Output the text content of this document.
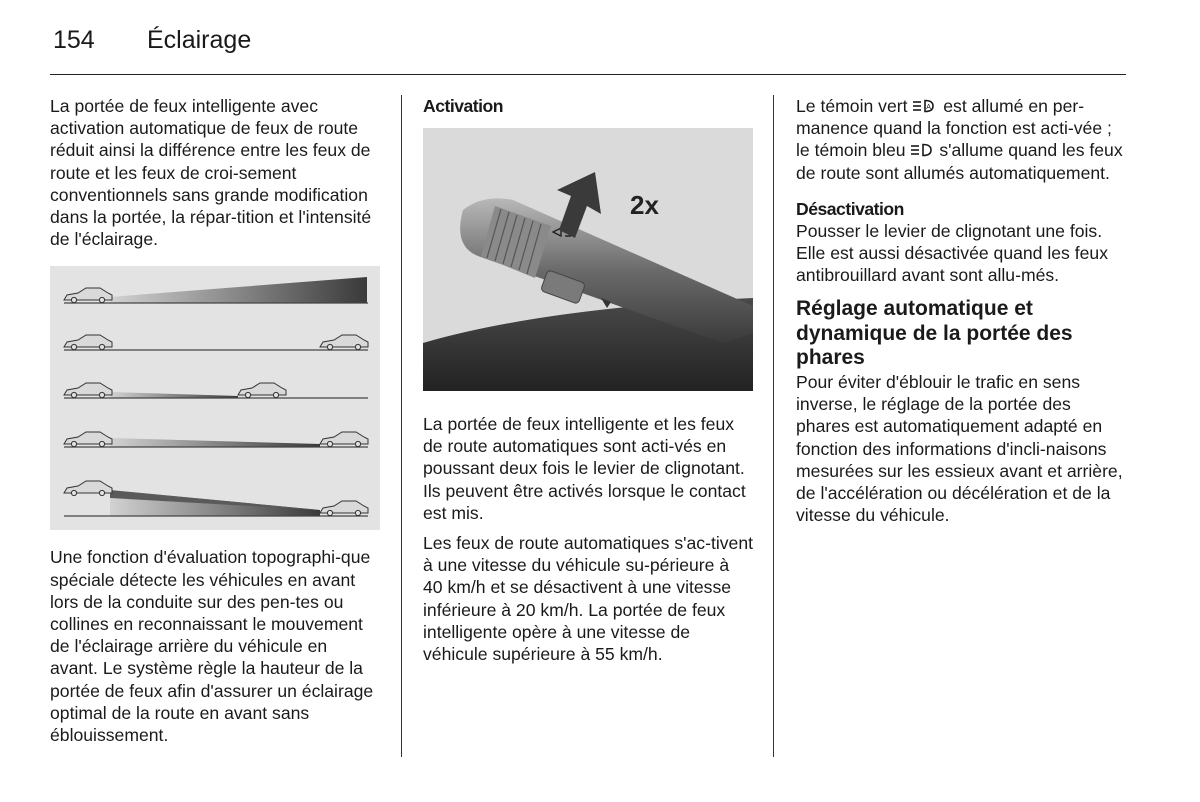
154 Éclairage

La portée de feux intelligente avec activation automatique de feux de route réduit ainsi la différence entre les feux de route et les feux de croi-sement conventionnels sans grande modification dans la portée, la répar-tition et l'intensité de l'éclairage.

Une fonction d'évaluation topographi-que spéciale détecte les véhicules en avant lors de la conduite sur des pen-tes ou collines en reconnaissant le mouvement de l'éclairage arrière du véhicule en avant. Le système règle la hauteur de la portée de feux afin d'assurer un éclairage optimal de la route en avant sans éblouissement.

Activation
2x

La portée de feux intelligente et les feux de route automatiques sont acti-vés en poussant deux fois le levier de clignotant. Ils peuvent être activés lorsque le contact est mis.

Les feux de route automatiques s'ac-tivent à une vitesse du véhicule su-périeure à 40 km/h et se désactivent à une vitesse inférieure à 20 km/h. La portée de feux intelligente opère à une vitesse de véhicule supérieure à 55 km/h.

Le témoin vert A est allumé en per-manence quand la fonction est acti-vée ; le témoin bleu  s'allume quand les feux de route sont allumés automatiquement.

Désactivation

Pousser le levier de clignotant une fois. Elle est aussi désactivée quand les feux antibrouillard avant sont allu-més.

Réglage automatique et dynamique de la portée des phares

Pour éviter d'éblouir le trafic en sens inverse, le réglage de la portée des phares est automatiquement adapté en fonction des informations d'incli-naisons mesurées sur les essieux avant et arrière, de l'accélération ou décélération et de la vitesse du véhicule.
